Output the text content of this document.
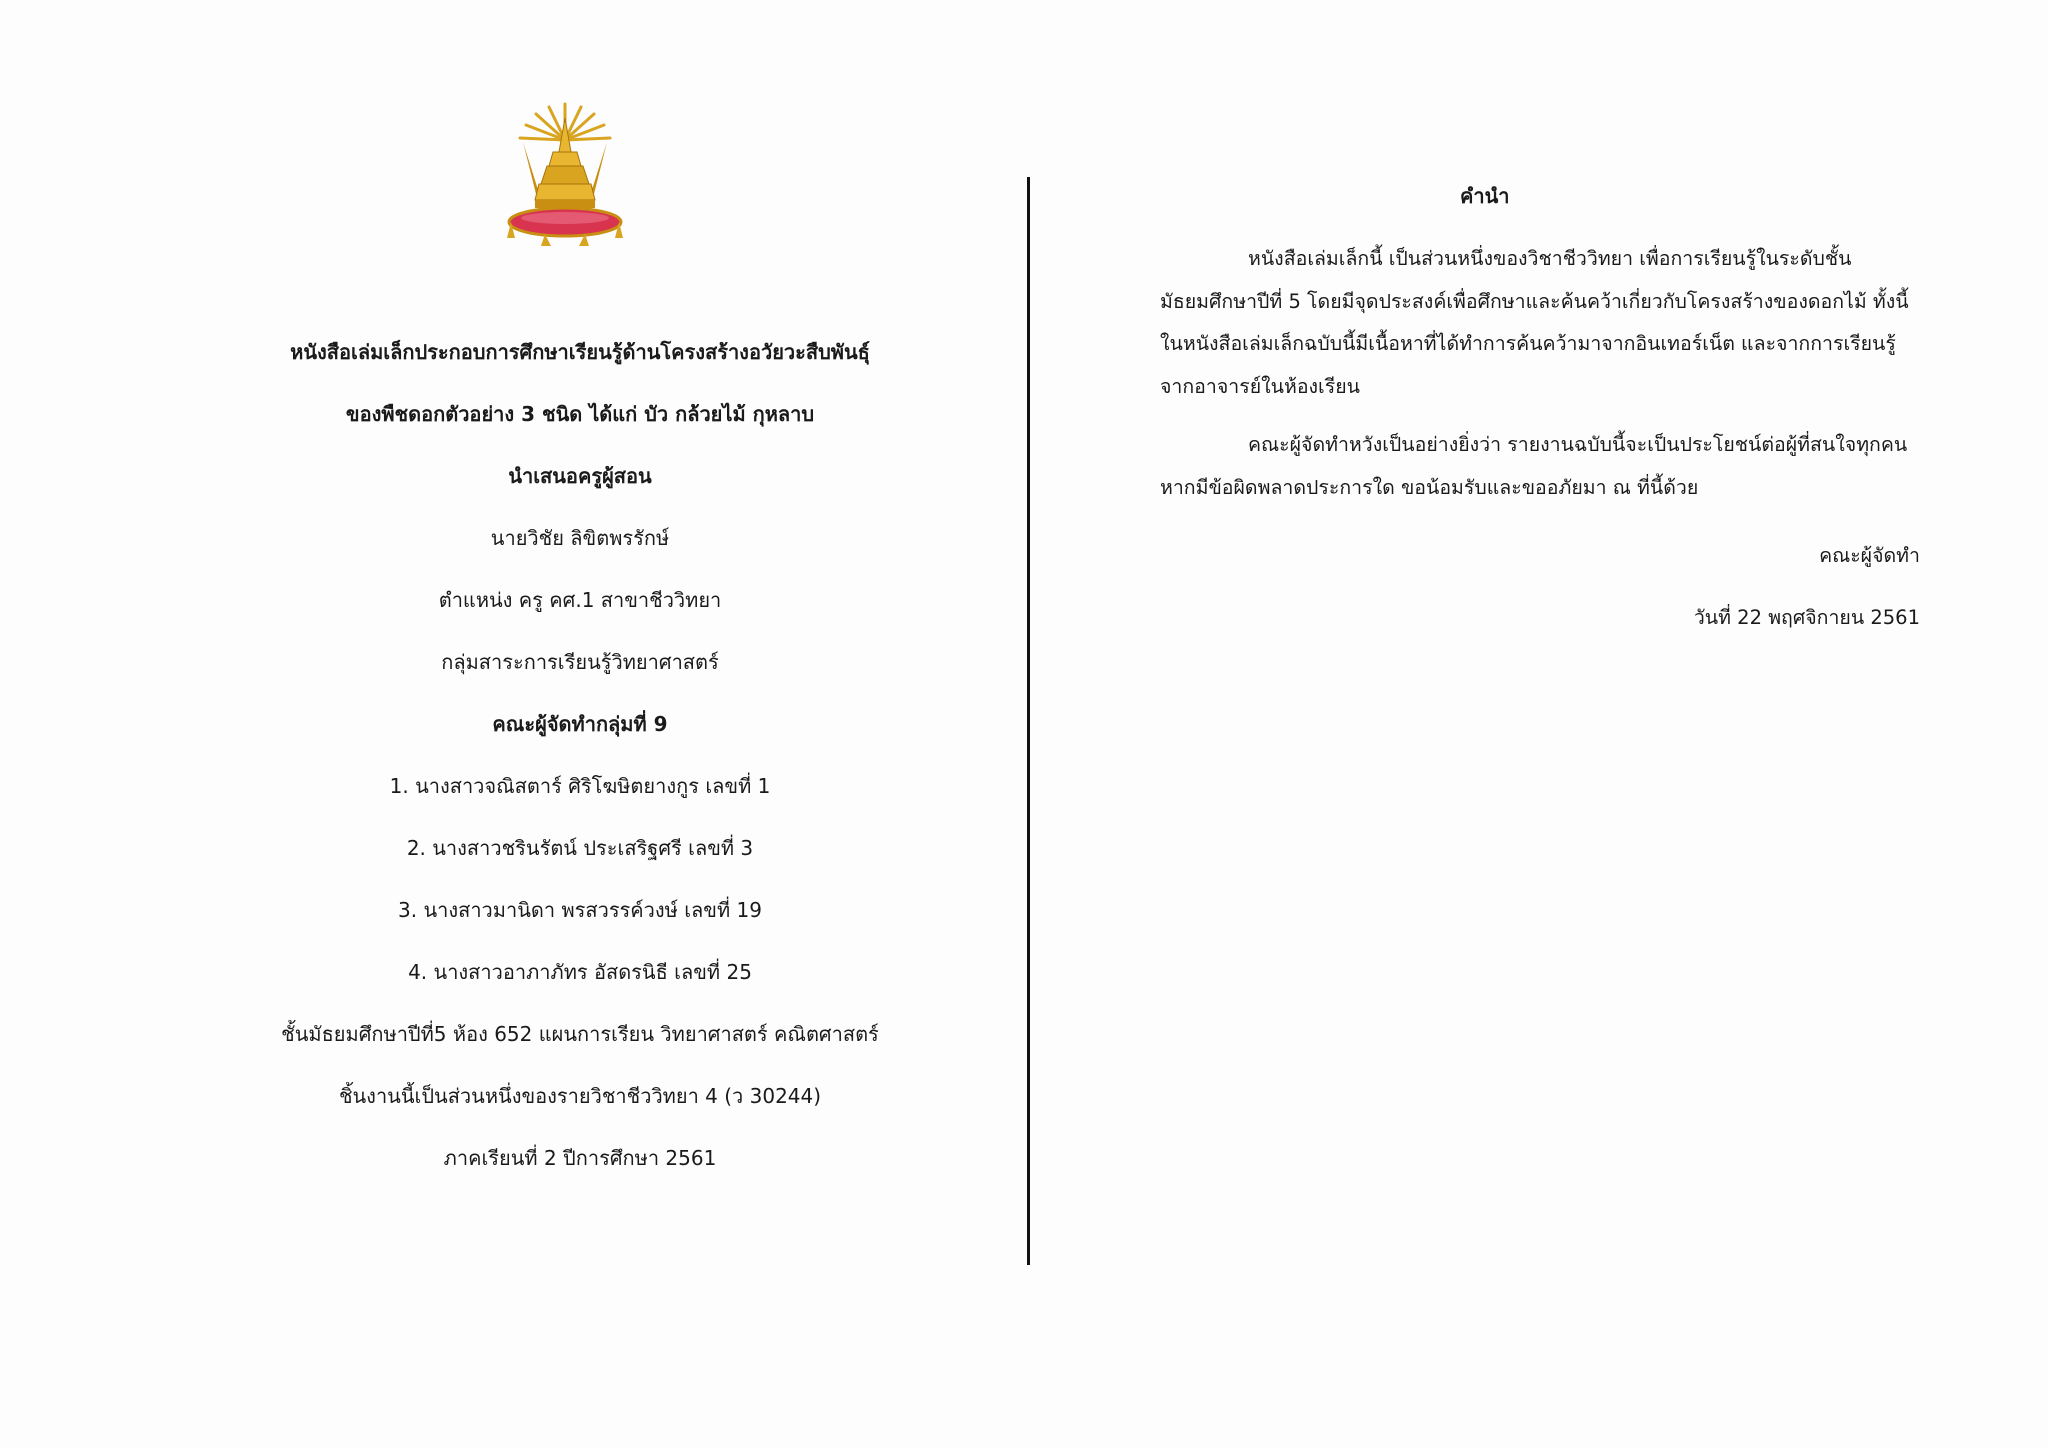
หนังสือเล่มเล็กประกอบการศึกษาเรียนรู้ด้านโครงสร้างอวัยวะสืบพันธุ์
ของพืชดอกตัวอย่าง 3 ชนิด ได้แก่ บัว กล้วยไม้ กุหลาบ
นำเสนอครูผู้สอน
นายวิชัย ลิขิตพรรักษ์
ตำแหน่ง ครู คศ.1 สาขาชีววิทยา
กลุ่มสาระการเรียนรู้วิทยาศาสตร์
คณะผู้จัดทำกลุ่มที่ 9
1. นางสาวจณิสตาร์ ศิริโฆษิตยางกูร เลขที่ 1
2. นางสาวชรินรัตน์ ประเสริฐศรี เลขที่ 3
3. นางสาวมานิดา พรสวรรค์วงษ์ เลขที่ 19
4. นางสาวอาภาภัทร อัสดรนิธี เลขที่ 25
ชั้นมัธยมศึกษาปีที่5 ห้อง 652 แผนการเรียน วิทยาศาสตร์ คณิตศาสตร์
ชิ้นงานนี้เป็นส่วนหนึ่งของรายวิชาชีววิทยา 4 (ว 30244)
ภาคเรียนที่ 2 ปีการศึกษา 2561
คำนำ

หนังสือเล่มเล็กนี้ เป็นส่วนหนึ่งของวิชาชีววิทยา เพื่อการเรียนรู้ในระดับชั้นมัธยมศึกษาปีที่ 5 โดยมีจุดประสงค์เพื่อศึกษาและค้นคว้าเกี่ยวกับโครงสร้างของดอกไม้ ทั้งนี้ ในหนังสือเล่มเล็กฉบับนี้มีเนื้อหาที่ได้ทำการค้นคว้ามาจากอินเทอร์เน็ต และจากการเรียนรู้จากอาจารย์ในห้องเรียน

คณะผู้จัดทำหวังเป็นอย่างยิ่งว่า รายงานฉบับนี้จะเป็นประโยชน์ต่อผู้ที่สนใจทุกคน หากมีข้อผิดพลาดประการใด ขอน้อมรับและขออภัยมา ณ ที่นี้ด้วย

คณะผู้จัดทำ
วันที่ 22 พฤศจิกายน 2561
